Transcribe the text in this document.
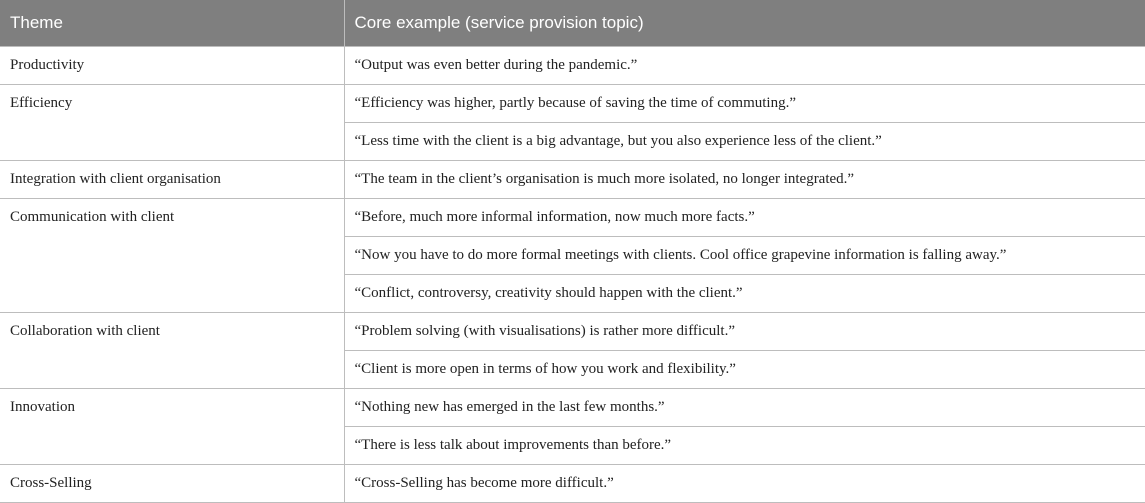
Theme	Core example (service provision topic)
Productivity	“Output was even better during the pandemic.”
Efficiency	“Efficiency was higher, partly because of saving the time of commuting.”
	“Less time with the client is a big advantage, but you also experience less of the client.”
Integration with client organisation	“The team in the client’s organisation is much more isolated, no longer integrated.”
Communication with client	“Before, much more informal information, now much more facts.”
	“Now you have to do more formal meetings with clients. Cool office grapevine information is falling away.”
	“Conflict, controversy, creativity should happen with the client.”
Collaboration with client	“Problem solving (with visualisations) is rather more difficult.”
	“Client is more open in terms of how you work and flexibility.”
Innovation	“Nothing new has emerged in the last few months.”
	“There is less talk about improvements than before.”
Cross-Selling	“Cross-Selling has become more difficult.”
